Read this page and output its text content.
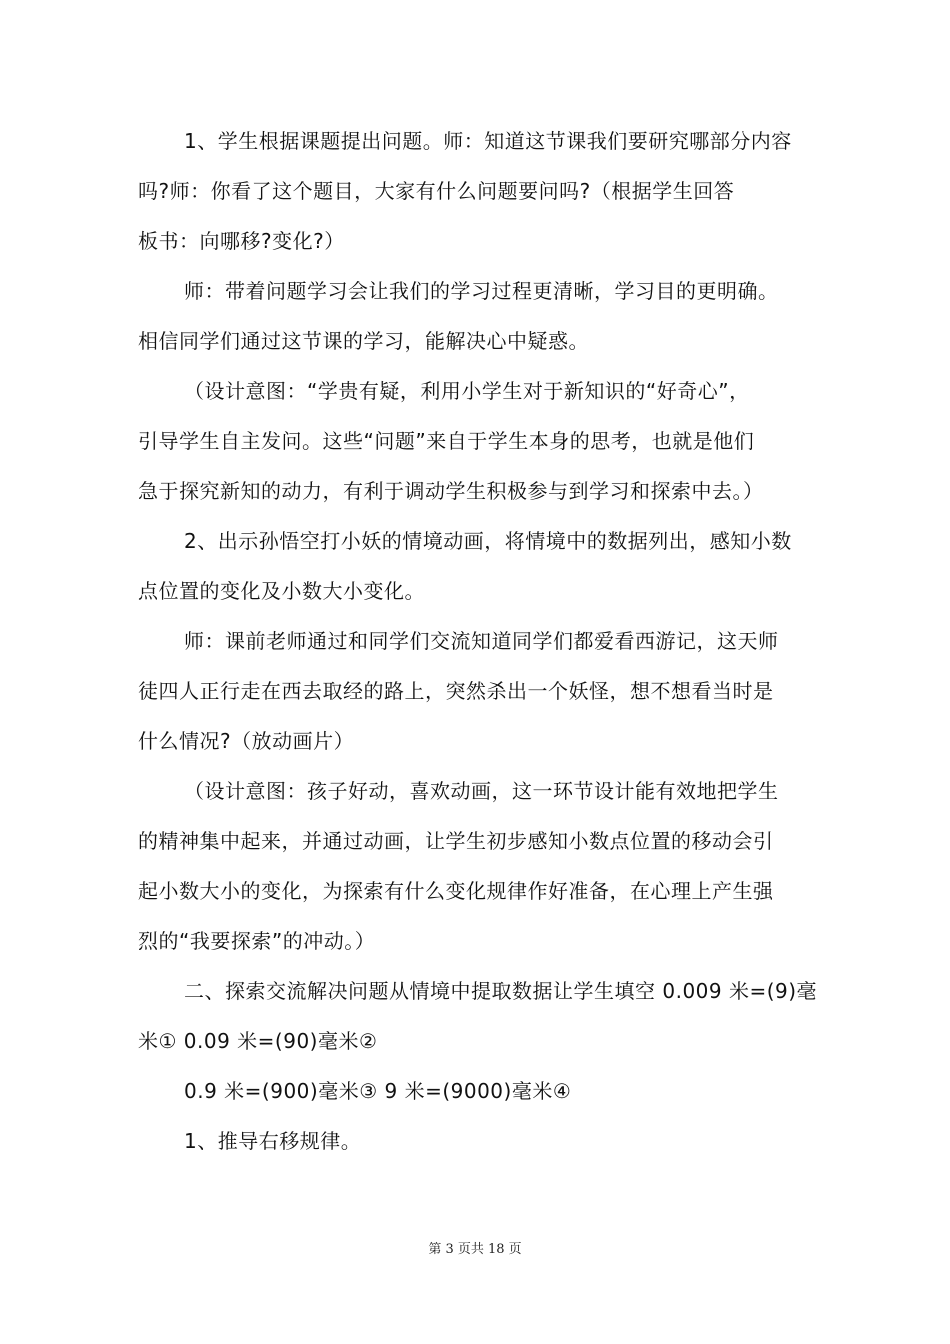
1、学生根据课题提出问题。师：知道这节课我们要研究哪部分内容
吗?师：你看了这个题目，大家有什么问题要问吗?（根据学生回答
板书：向哪移?变化?）

师：带着问题学习会让我们的学习过程更清晰，学习目的更明确。
相信同学们通过这节课的学习，能解决心中疑惑。

（设计意图：“学贵有疑，利用小学生对于新知识的“好奇心”，
引导学生自主发问。这些“问题”来自于学生本身的思考，也就是他们
急于探究新知的动力，有利于调动学生积极参与到学习和探索中去。）

2、出示孙悟空打小妖的情境动画，将情境中的数据列出，感知小数
点位置的变化及小数大小变化。

师：课前老师通过和同学们交流知道同学们都爱看西游记，这天师
徒四人正行走在西去取经的路上，突然杀出一个妖怪，想不想看当时是
什么情况?（放动画片）

（设计意图：孩子好动，喜欢动画，这一环节设计能有效地把学生
的精神集中起来，并通过动画，让学生初步感知小数点位置的移动会引
起小数大小的变化，为探索有什么变化规律作好准备，在心理上产生强
烈的“我要探索”的冲动。）

二、探索交流解决问题从情境中提取数据让学生填空 0.009 米=(9)毫
米① 0.09 米=(90)毫米②

0.9 米=(900)毫米③ 9 米=(9000)毫米④

1、推导右移规律。

第 3 页共 18 页
